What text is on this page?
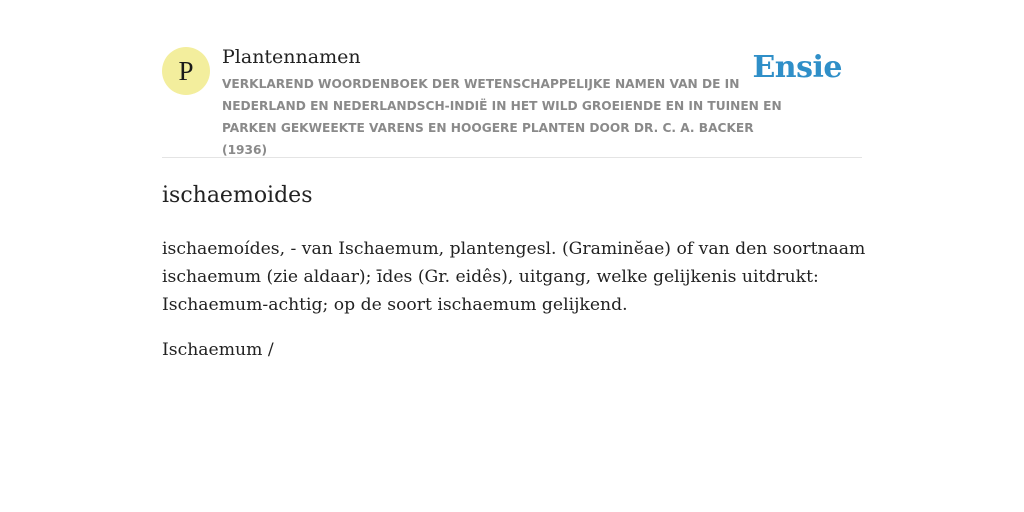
P	Plantennamen
VERKLAREND WOORDENBOEK DER WETENSCHAPPELIJKE NAMEN VAN DE IN NEDERLAND EN NEDERLANDSCH-INDIË IN HET WILD GROEIENDE EN IN TUINEN EN PARKEN GEKWEEKTE VARENS EN HOOGERE PLANTEN DOOR DR. C. A. BACKER (1936)
Ensie
ischaemoides

ischaemoídes, - van Ischaemum, plantengesl. (Graminĕae) of van den soortnaam ischaemum (zie aldaar); īdes (Gr. eidês), uitgang, welke gelijkenis uitdrukt: Ischaemum-achtig; op de soort ischaemum gelijkend.

Ischaemum /
